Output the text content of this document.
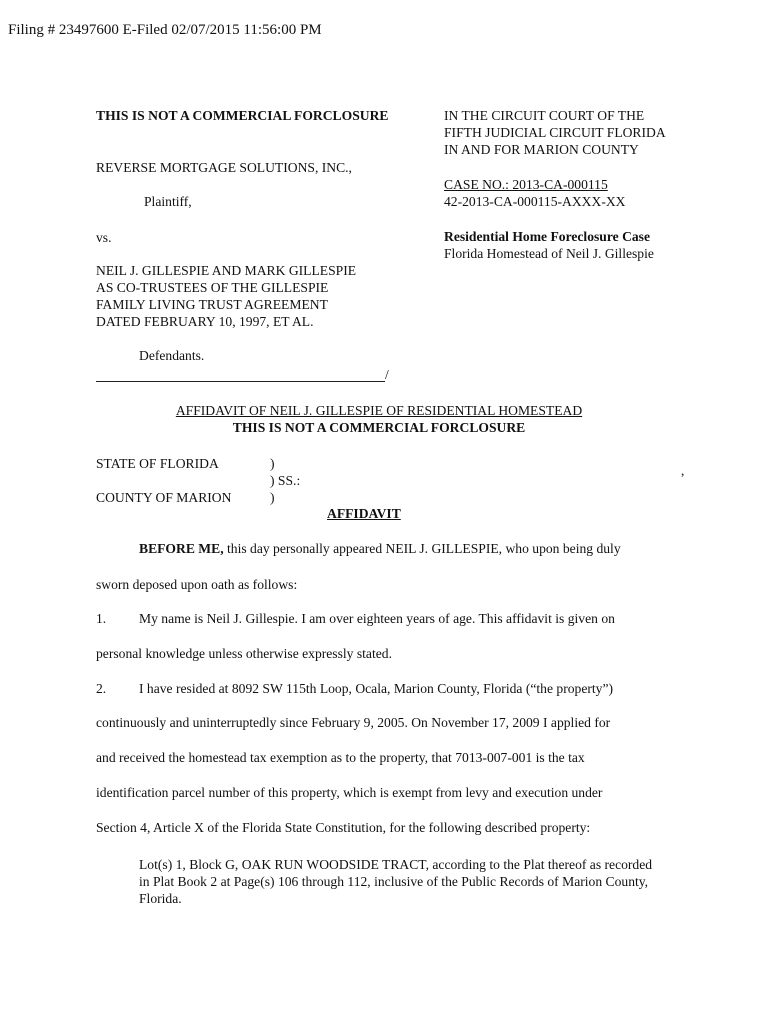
Filing # 23497600 E-Filed 02/07/2015 11:56:00 PM
THIS IS NOT A COMMERCIAL FORCLOSURE
REVERSE MORTGAGE SOLUTIONS, INC.,
Plaintiff,
vs.
NEIL J. GILLESPIE AND MARK GILLESPIE
AS CO-TRUSTEES OF THE GILLESPIE
FAMILY LIVING TRUST AGREEMENT
DATED FEBRUARY 10, 1997, ET AL.
Defendants.
/
IN THE CIRCUIT COURT OF THE
FIFTH JUDICIAL CIRCUIT FLORIDA
IN AND FOR MARION COUNTY
CASE NO.: 2013-CA-000115
42-2013-CA-000115-AXXX-XX
Residential Home Foreclosure Case
Florida Homestead of Neil J. Gillespie
AFFIDAVIT OF NEIL J. GILLESPIE OF RESIDENTIAL HOMESTEAD
THIS IS NOT A COMMERCIAL FORCLOSURE
STATE OF FLORIDA	)
) SS.:
COUNTY OF MARION	)
,
AFFIDAVIT
BEFORE ME, this day personally appeared NEIL J. GILLESPIE, who upon being duly
sworn deposed upon oath as follows:
1. My name is Neil J. Gillespie. I am over eighteen years of age. This affidavit is given on
personal knowledge unless otherwise expressly stated.
2. I have resided at 8092 SW 115th Loop, Ocala, Marion County, Florida (“the property”)
continuously and uninterruptedly since February 9, 2005. On November 17, 2009 I applied for
and received the homestead tax exemption as to the property, that 7013-007-001 is the tax
identification parcel number of this property, which is exempt from levy and execution under
Section 4, Article X of the Florida State Constitution, for the following described property:
Lot(s) 1, Block G, OAK RUN WOODSIDE TRACT, according to the Plat thereof as recorded in Plat Book 2 at Page(s) 106 through 112, inclusive of the Public Records of Marion County, Florida.
